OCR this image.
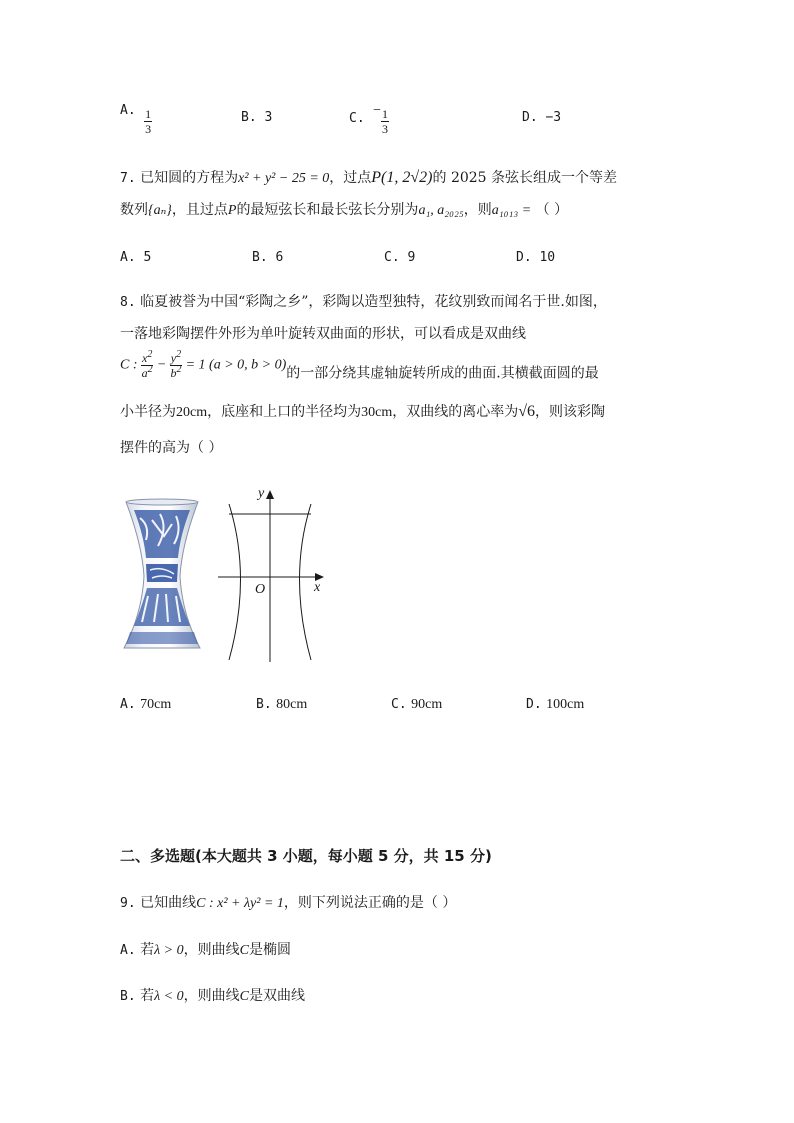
A. $\frac{1}{3}$	B. 3	C. − $\frac{1}{3}$	D. −3
7. 已知圆的方程为x² + y² − 25 = 0，过点P(1, 2√2)的 2025 条弦长组成一个等差
数列{aₙ}，且过点P的最短弦长和最长弦长分别为a₁, a₂₀₂₅，则a₁₀₁₃ = （ ）
A. 5	B. 6	C. 9	D. 10
8. 临夏被誉为中国“彩陶之乡”，彩陶以造型独特，花纹别致而闻名于世.如图，
一落地彩陶摆件外形为单叶旋转双曲面的形状，可以看成是双曲线
C : $\frac{x^2}{a^2} - \frac{y^2}{b^2} = 1$ (a > 0, b > 0)的一部分绕其虚轴旋转所成的曲面.其横截面圆的最
小半径为20cm，底座和上口的半径均为30cm，双曲线的离心率为√6，则该彩陶
摆件的高为（ ）
y
x
O
A. 70cm	B. 80cm	C. 90cm	D. 100cm
二、多选题(本大题共 3 小题，每小题 5 分，共 15 分)
9. 已知曲线C : x² + λy² = 1，则下列说法正确的是（ ）
A. 若λ > 0，则曲线C是椭圆
B. 若λ < 0，则曲线C是双曲线
